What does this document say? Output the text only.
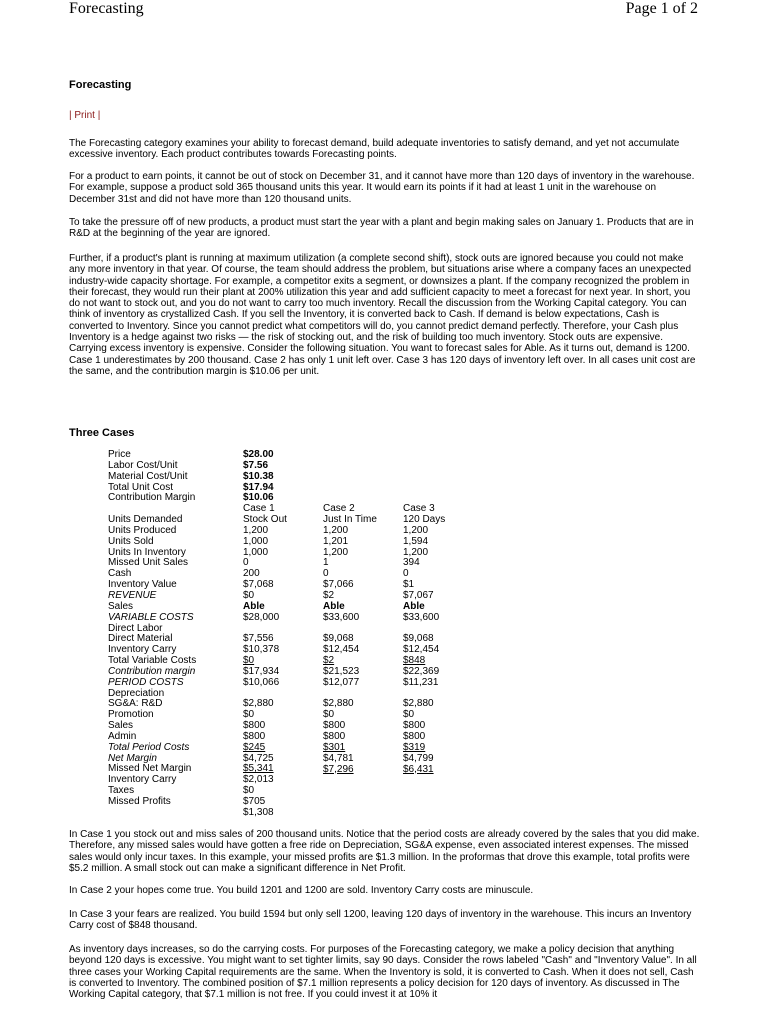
Forecasting	Page 1 of 2
Forecasting
| Print |

The Forecasting category examines your ability to forecast demand, build adequate inventories to satisfy demand, and yet not accumulate excessive inventory. Each product contributes towards Forecasting points.

For a product to earn points, it cannot be out of stock on December 31, and it cannot have more than 120 days of inventory in the warehouse. For example, suppose a product sold 365 thousand units this year. It would earn its points if it had at least 1 unit in the warehouse on December 31st and did not have more than 120 thousand units.

To take the pressure off of new products, a product must start the year with a plant and begin making sales on January 1. Products that are in R&D at the beginning of the year are ignored.

Further, if a product's plant is running at maximum utilization (a complete second shift), stock outs are ignored because you could not make any more inventory in that year. Of course, the team should address the problem, but situations arise where a company faces an unexpected industry-wide capacity shortage. For example, a competitor exits a segment, or downsizes a plant. If the company recognized the problem in their forecast, they would run their plant at 200% utilization this year and add sufficient capacity to meet a forecast for next year. In short, you do not want to stock out, and you do not want to carry too much inventory. Recall the discussion from the Working Capital category. You can think of inventory as crystallized Cash. If you sell the Inventory, it is converted back to Cash. If demand is below expectations, Cash is converted to Inventory. Since you cannot predict what competitors will do, you cannot predict demand perfectly. Therefore, your Cash plus Inventory is a hedge against two risks — the risk of stocking out, and the risk of building too much inventory. Stock outs are expensive. Carrying excess inventory is expensive. Consider the following situation. You want to forecast sales for Able. As it turns out, demand is 1200. Case 1 underestimates by 200 thousand. Case 2 has only 1 unit left over. Case 3 has 120 days of inventory left over. In all cases unit cost are the same, and the contribution margin is $10.06 per unit.

Three Cases
Price
Labor Cost/Unit
Material Cost/Unit
Total Unit Cost
Contribution Margin
Units Demanded
Units Produced
Units Sold
Units In Inventory
Missed Unit Sales
Cash
Inventory Value
REVENUE
Sales
VARIABLE COSTS
Direct Labor
Direct Material
Inventory Carry
Total Variable Costs
Contribution margin
PERIOD COSTS
Depreciation
SG&A: R&D
Promotion
Sales
Admin
Total Period Costs
Net Margin
Missed Net Margin
Inventory Carry
Taxes
Missed Profits
$28.00
$7.56
$10.38
$17.94
$10.06
Case 1
Stock Out
1,200
1,000
1,000
0
200
$7,068
$0
Able
$28,000
$7,556
$10,378
$0
$17,934
$10,066
$2,880
$0
$800
$800
$245
$4,725
$5,341
$2,013
$0
$705
$1,308
Case 2
Just In Time
1,200
1,201
1,200
1
0
$7,066
$2
Able
$33,600
$9,068
$12,454
$2
$21,523
$12,077
$2,880
$0
$800
$800
$301
$4,781
$7,296
Case 3
120 Days
1,200
1,594
1,200
394
0
$1
$7,067
Able
$33,600
$9,068
$12,454
$848
$22,369
$11,231
$2,880
$0
$800
$800
$319
$4,799
$6,431

In Case 1 you stock out and miss sales of 200 thousand units. Notice that the period costs are already covered by the sales that you did make. Therefore, any missed sales would have gotten a free ride on Depreciation, SG&A expense, even associated interest expenses. The missed sales would only incur taxes. In this example, your missed profits are $1.3 million. In the proformas that drove this example, total profits were $5.2 million. A small stock out can make a significant difference in Net Profit.

In Case 2 your hopes come true. You build 1201 and 1200 are sold. Inventory Carry costs are minuscule.

In Case 3 your fears are realized. You build 1594 but only sell 1200, leaving 120 days of inventory in the warehouse. This incurs an Inventory Carry cost of $848 thousand.

As inventory days increases, so do the carrying costs. For purposes of the Forecasting category, we make a policy decision that anything beyond 120 days is excessive. You might want to set tighter limits, say 90 days. Consider the rows labeled "Cash" and "Inventory Value". In all three cases your Working Capital requirements are the same. When the Inventory is sold, it is converted to Cash. When it does not sell, Cash is converted to Inventory. The combined position of $7.1 million represents a policy decision for 120 days of inventory. As discussed in The Working Capital category, that $7.1 million is not free. If you could invest it at 10% it
